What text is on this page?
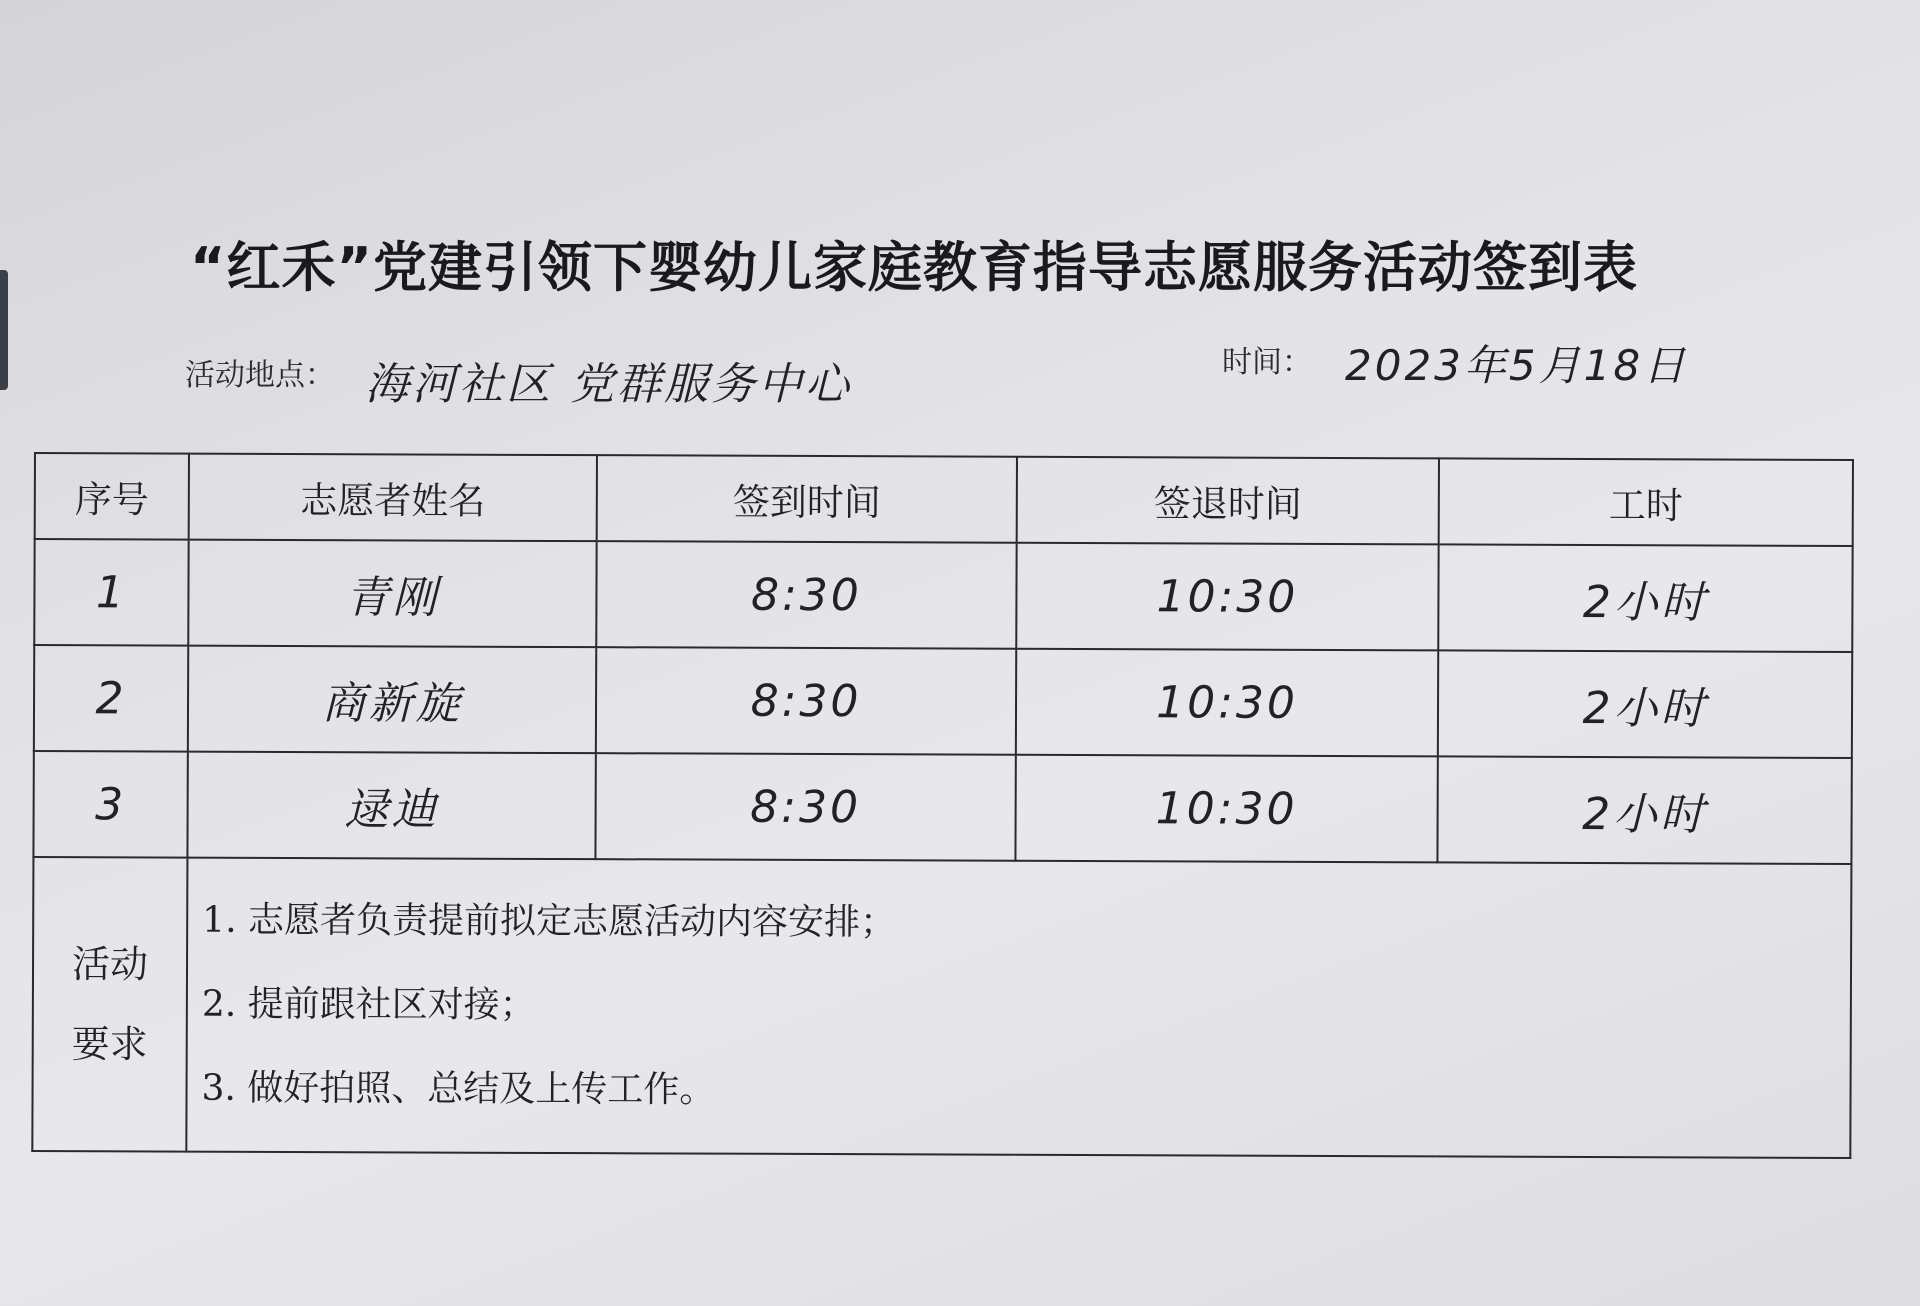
“红禾”党建引领下婴幼儿家庭教育指导志愿服务活动签到表
活动地点： 海河社区 党群服务中心	时间： 2023年5月18日
序号	志愿者姓名	签到时间	签退时间	工时
1	青刚	8:30	10:30	2小时
2	商新旋	8:30	10:30	2小时
3	逯迪	8:30	10:30	2小时

活动
要求	1. 志愿者负责提前拟定志愿活动内容安排；
2. 提前跟社区对接；
3. 做好拍照、总结及上传工作。			
